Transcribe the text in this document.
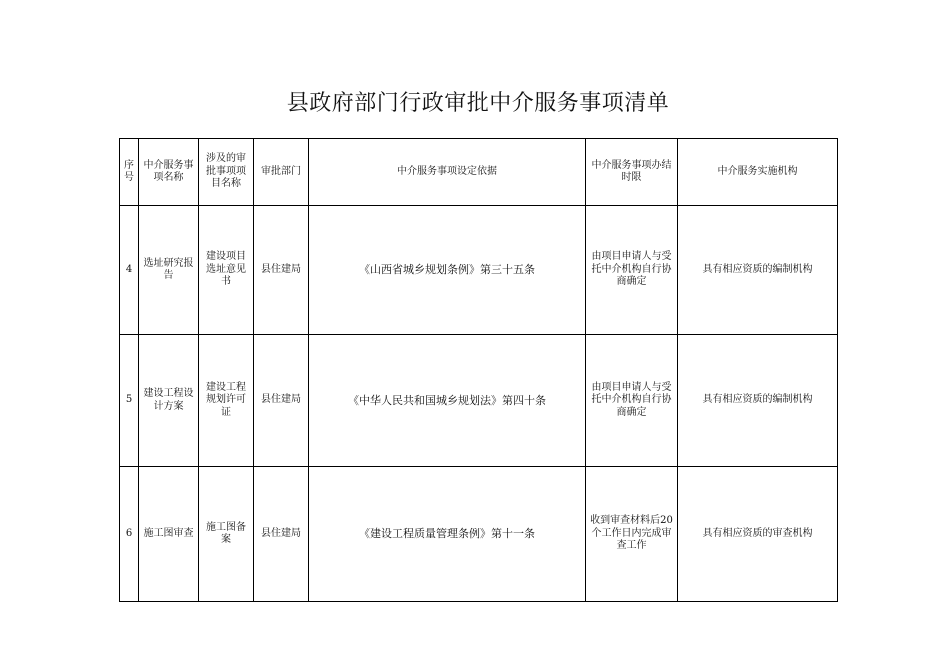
县政府部门行政审批中介服务事项清单
序号	中介服务事项名称	涉及的审批事项项目名称	审批部门	中介服务事项设定依据	中介服务事项办结时限	中介服务实施机构
4	选址研究报告	建设项目选址意见书	县住建局	《山西省城乡规划条例》第三十五条	由项目申请人与受托中介机构自行协商确定	具有相应资质的编制机构
5	建设工程设计方案	建设工程规划许可证	县住建局	《中华人民共和国城乡规划法》第四十条	由项目申请人与受托中介机构自行协商确定	具有相应资质的编制机构
6	施工图审查	施工图备案	县住建局	《建设工程质量管理条例》第十一条	收到审查材料后20个工作日内完成审查工作	具有相应资质的审查机构
